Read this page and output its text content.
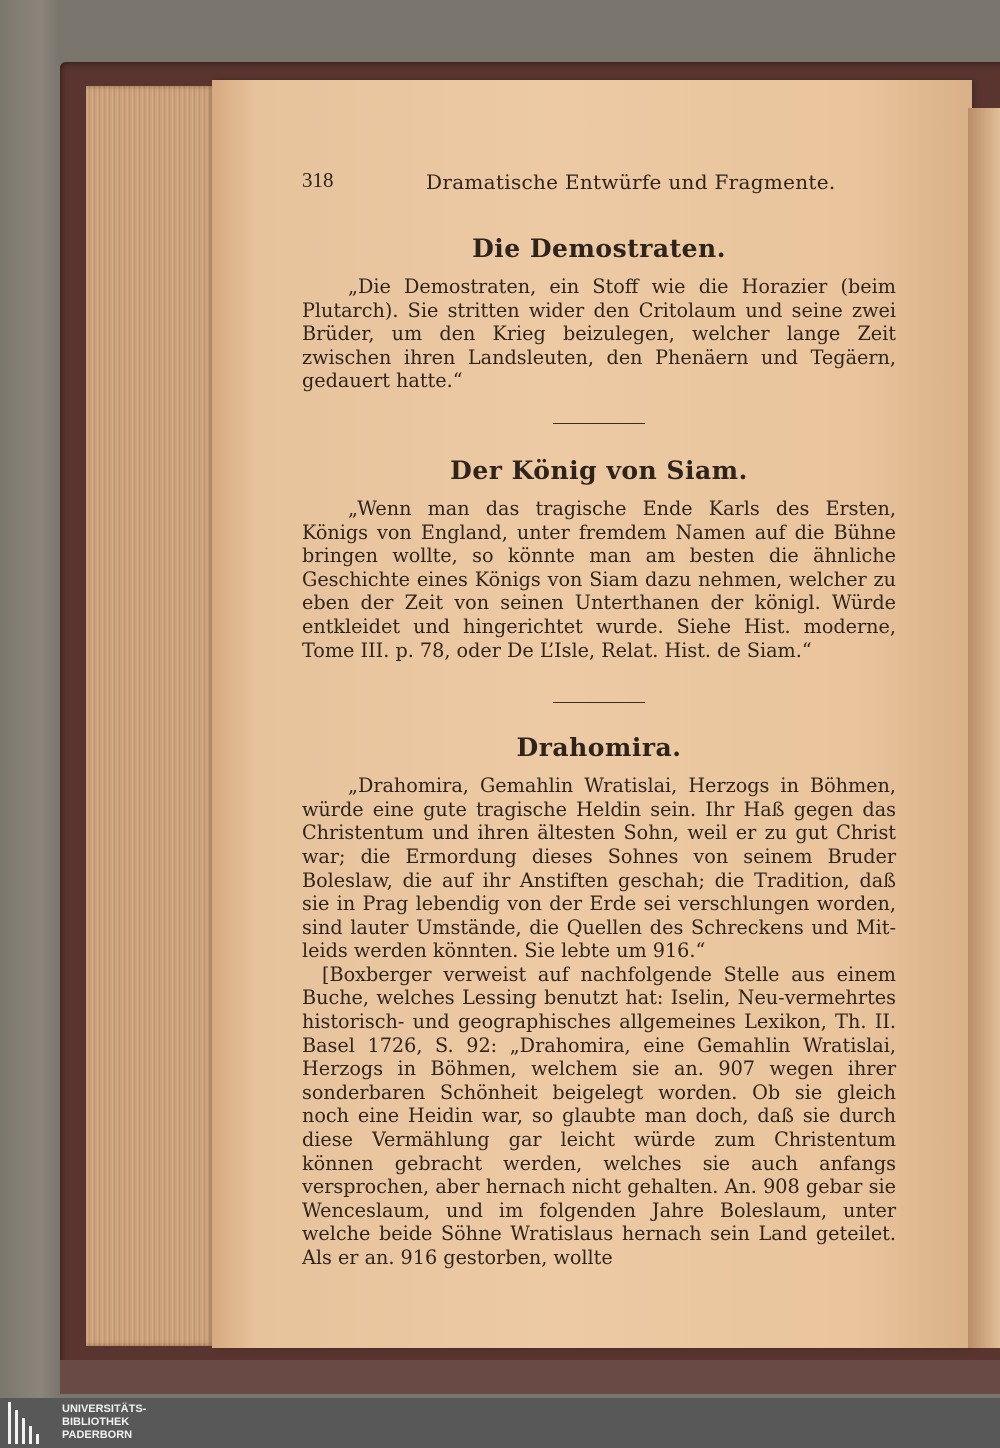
318	Dramatische Entwürfe und Fragmente.
Die Demostraten.

„Die Demostraten, ein Stoff wie die Horazier (beim Plutarch). Sie stritten wider den Critolaum und seine zwei Brüder, um den Krieg beizulegen, welcher lange Zeit zwischen ihren Landsleuten, den Phenäern und Tegäern, gedauert hatte.“

Der König von Siam.

„Wenn man das tragische Ende Karls des Ersten, Königs von England, unter fremdem Namen auf die Bühne bringen wollte, so könnte man am besten die ähnliche Geschichte eines Königs von Siam dazu nehmen, welcher zu eben der Zeit von seinen Unterthanen der königl. Würde entkleidet und hingerichtet wurde. Siehe Hist. moderne, Tome III. p. 78, oder De L’Isle, Relat. Hist. de Siam.“

Drahomira.

„Drahomira, Gemahlin Wratislai, Herzogs in Böhmen, würde eine gute tragische Heldin sein. Ihr Haß gegen das Christentum und ihren ältesten Sohn, weil er zu gut Christ war; die Ermordung dieses Sohnes von seinem Bruder Boleslaw, die auf ihr Anstiften geschah; die Tradition, daß sie in Prag lebendig von der Erde sei verschlungen worden, sind lauter Umstände, die Quellen des Schreckens und Mitleids werden könnten. Sie lebte um 916.“

[Boxberger verweist auf nachfolgende Stelle aus einem Buche, welches Lessing benutzt hat: Iselin, Neu-vermehrtes historisch- und geographisches allgemeines Lexikon, Th. II. Basel 1726, S. 92: „Drahomira, eine Gemahlin Wratislai, Herzogs in Böhmen, welchem sie an. 907 wegen ihrer sonderbaren Schönheit beigelegt worden. Ob sie gleich noch eine Heidin war, so glaubte man doch, daß sie durch diese Vermählung gar leicht würde zum Christentum können gebracht werden, welches sie auch anfangs versprochen, aber hernach nicht gehalten. An. 908 gebar sie Wenceslaum, und im folgenden Jahre Boleslaum, unter welche beide Söhne Wratislaus hernach sein Land geteilet. Als er an. 916 gestorben, wollte

UNIVERSITÄTS-
BIBLIOTHEK
PADERBORN
